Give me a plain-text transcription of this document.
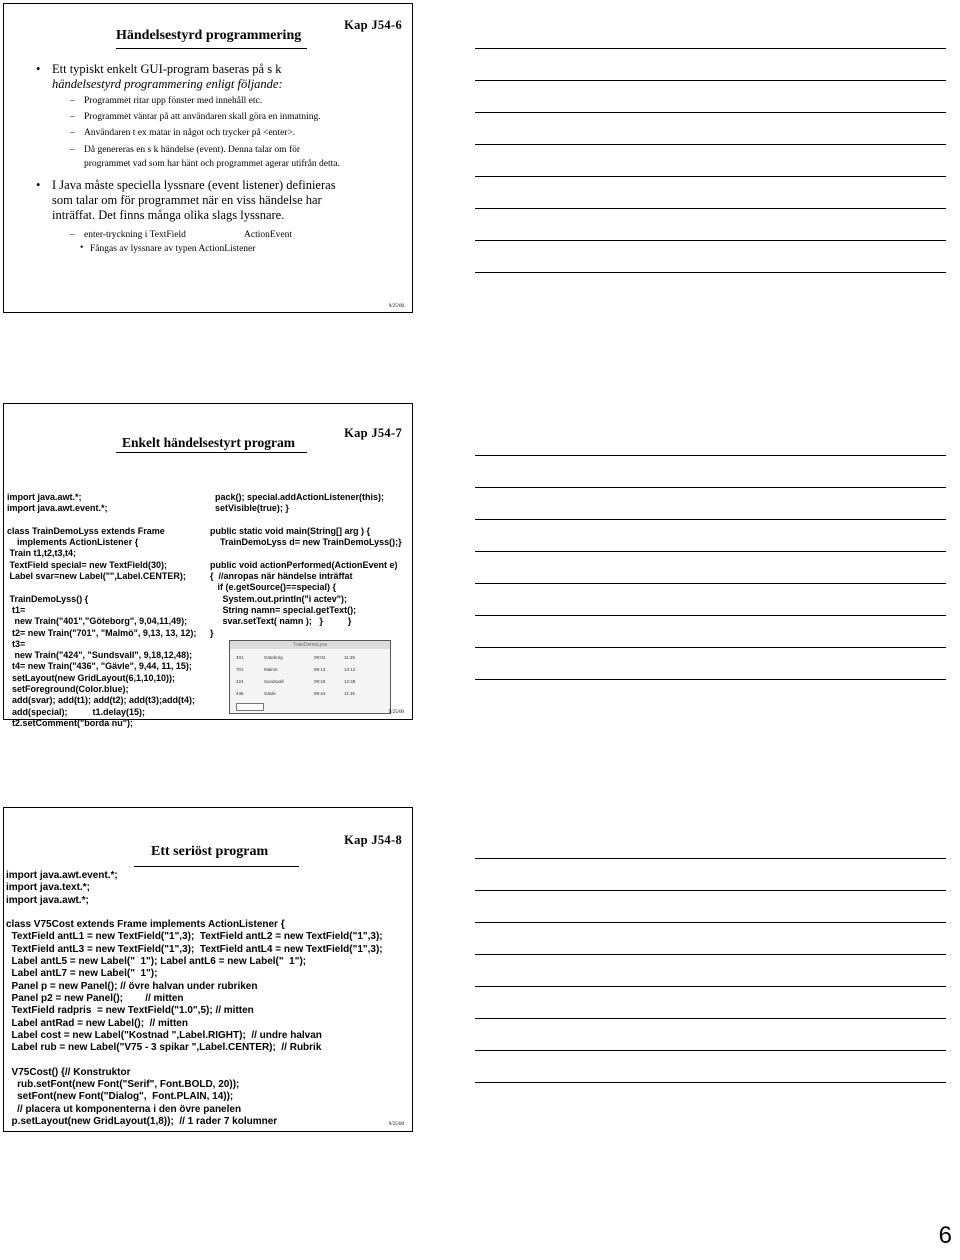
Händelsestyrd programmering
Kap J54-6
• Ett typiskt enkelt GUI-program baseras på s k
händelsestyrd programmering enligt följande:
– Programmet ritar upp fönster med innehåll etc.
– Programmet väntar på att användaren skall göra en inmatning.
– Användaren t ex matar in något och trycker på <enter>.
– Då genereras en s k händelse (event). Denna talar om för
programmet vad som har hänt och programmet agerar utifrån detta.
• I Java måste speciella lyssnare (event listener) definieras
som talar om för programmet när en viss händelse har
inträffat. Det finns många olika slags lyssnare.
– enter-tryckning i TextField	ActionEvent
• Fångas av lyssnare av typen ActionListener
9/25/00
Enkelt händelsestyrt program
Kap J54-7
import java.awt.*;
import java.awt.event.*;

class TrainDemoLyss extends Frame
implements ActionListener {
Train t1,t2,t3,t4;
TextField special= new TextField(30);
Label svar=new Label("",Label.CENTER);

TrainDemoLyss() {
t1=
new Train("401","Göteborg", 9,04,11,49);
t2= new Train("701", "Malmö", 9,13, 13, 12);
t3=
new Train("424", "Sundsvall", 9,18,12,48);
t4= new Train("436", "Gävle", 9,44, 11, 15);
setLayout(new GridLayout(6,1,10,10));
setForeground(Color.blue);
add(svar); add(t1); add(t2); add(t3);add(t4);
add(special);          t1.delay(15);
t2.setComment("borda nu");
pack(); special.addActionListener(this);
setVisible(true); }

public static void main(String[] arg ) {
TrainDemoLyss d= new TrainDemoLyss();}

public void actionPerformed(ActionEvent e)
{  //anropas när händelse inträffat
if (e.getSource()==special) {
System.out.println("i actev");
String namn= special.getText();
svar.setText( namn );   }          }
}
TrainDemoLyss
401	Göteborg	09:04	11:49
701	Malmö	09:13	13:12
424	Sundsvall	09:18	12:48
436	Gävle	09:44	11:15
9/25/00
Ett seriöst program
Kap J54-8
import java.awt.event.*;
import java.text.*;
import java.awt.*;

class V75Cost extends Frame implements ActionListener {
TextField antL1 = new TextField("1",3);  TextField antL2 = new TextField("1",3);
TextField antL3 = new TextField("1",3);  TextField antL4 = new TextField("1",3);
Label antL5 = new Label("  1"); Label antL6 = new Label("  1");
Label antL7 = new Label("  1");
Panel p = new Panel(); // övre halvan under rubriken
Panel p2 = new Panel();        // mitten
TextField radpris  = new TextField("1.0",5); // mitten
Label antRad = new Label();  // mitten
Label cost = new Label("Kostnad ",Label.RIGHT);  // undre halvan
Label rub = new Label("V75 - 3 spikar ",Label.CENTER);  // Rubrik

V75Cost() {// Konstruktor
rub.setFont(new Font("Serif", Font.BOLD, 20));
setFont(new Font("Dialog",  Font.PLAIN, 14));
// placera ut komponenterna i den övre panelen
p.setLayout(new GridLayout(1,8));  // 1 rader 7 kolumner	9/25/00
6
